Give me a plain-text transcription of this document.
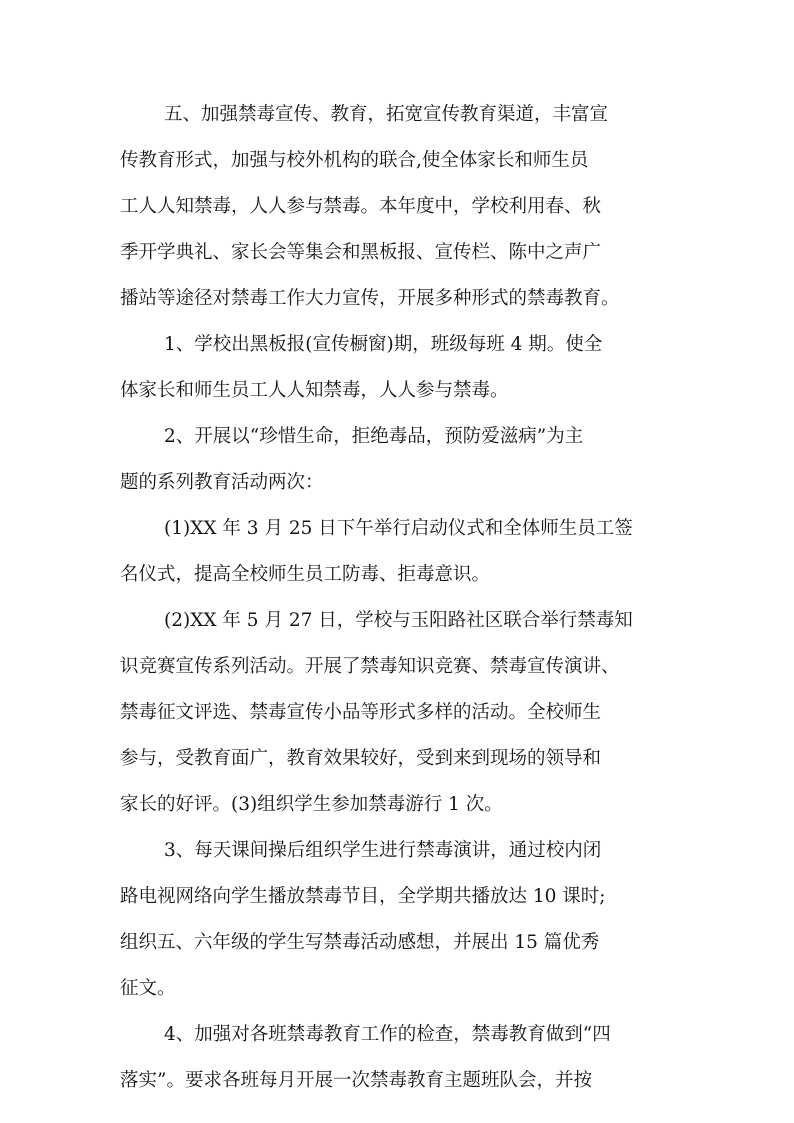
五、加强禁毒宣传、教育，拓宽宣传教育渠道，丰富宣
传教育形式，加强与校外机构的联合,使全体家长和师生员
工人人知禁毒，人人参与禁毒。本年度中，学校利用春、秋
季开学典礼、家长会等集会和黑板报、宣传栏、陈中之声广
播站等途径对禁毒工作大力宣传，开展多种形式的禁毒教育。
1、学校出黑板报(宣传橱窗)期，班级每班 4 期。使全
体家长和师生员工人人知禁毒，人人参与禁毒。
2、开展以“珍惜生命，拒绝毒品，预防爱滋病”为主
题的系列教育活动两次：
(1)XX 年 3 月 25 日下午举行启动仪式和全体师生员工签
名仪式，提高全校师生员工防毒、拒毒意识。
(2)XX 年 5 月 27 日，学校与玉阳路社区联合举行禁毒知
识竞赛宣传系列活动。开展了禁毒知识竞赛、禁毒宣传演讲、
禁毒征文评选、禁毒宣传小品等形式多样的活动。全校师生
参与，受教育面广，教育效果较好，受到来到现场的领导和
家长的好评。(3)组织学生参加禁毒游行 1 次。
3、每天课间操后组织学生进行禁毒演讲，通过校内闭
路电视网络向学生播放禁毒节目，全学期共播放达 10 课时;
组织五、六年级的学生写禁毒活动感想，并展出 15 篇优秀
征文。
4、加强对各班禁毒教育工作的检查，禁毒教育做到“四
落实”。要求各班每月开展一次禁毒教育主题班队会，并按
